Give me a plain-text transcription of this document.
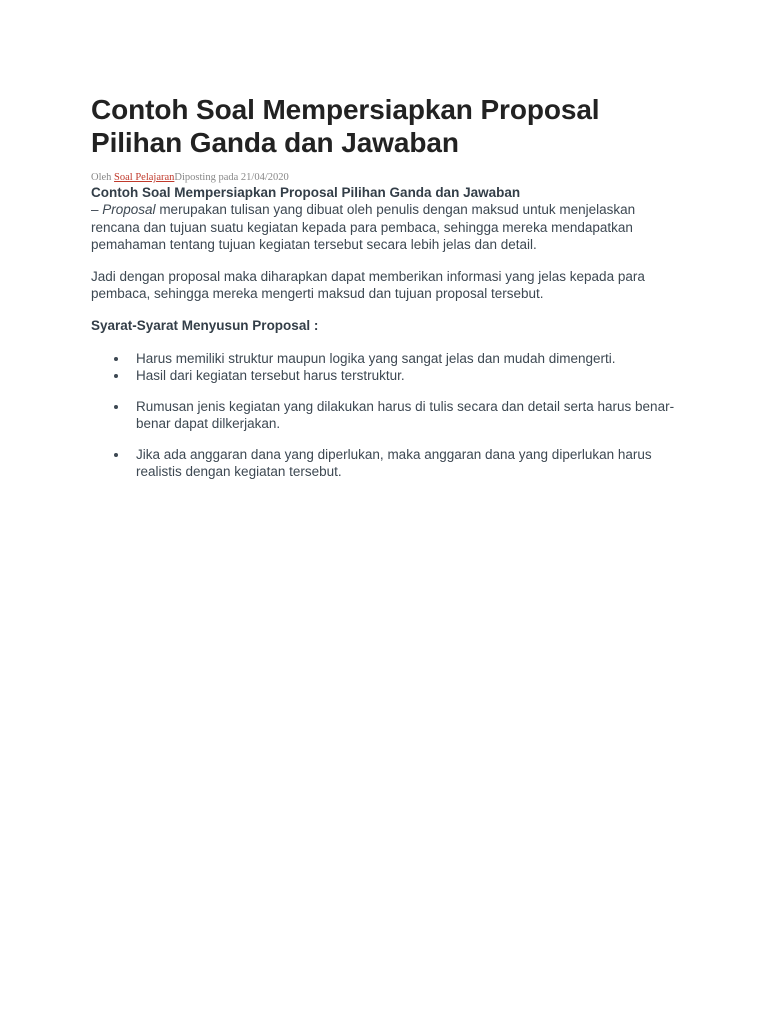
Contoh Soal Mempersiapkan Proposal Pilihan Ganda dan Jawaban
Oleh Soal PelajaranDiposting pada 21/04/2020
Contoh Soal Mempersiapkan Proposal Pilihan Ganda dan Jawaban

– Proposal merupakan tulisan yang dibuat oleh penulis dengan maksud untuk menjelaskan rencana dan tujuan suatu kegiatan kepada para pembaca, sehingga mereka mendapatkan pemahaman tentang tujuan kegiatan tersebut secara lebih jelas dan detail.

Jadi dengan proposal maka diharapkan dapat memberikan informasi yang jelas kepada para pembaca, sehingga mereka mengerti maksud dan tujuan proposal tersebut.

Syarat-Syarat Menyusun Proposal :
Harus memiliki struktur maupun logika yang sangat jelas dan mudah dimengerti.
Hasil dari kegiatan tersebut harus terstruktur.
Rumusan jenis kegiatan yang dilakukan harus di tulis secara dan detail serta harus benar-benar dapat dilkerjakan.
Jika ada anggaran dana yang diperlukan, maka anggaran dana yang diperlukan harus realistis dengan kegiatan tersebut.
